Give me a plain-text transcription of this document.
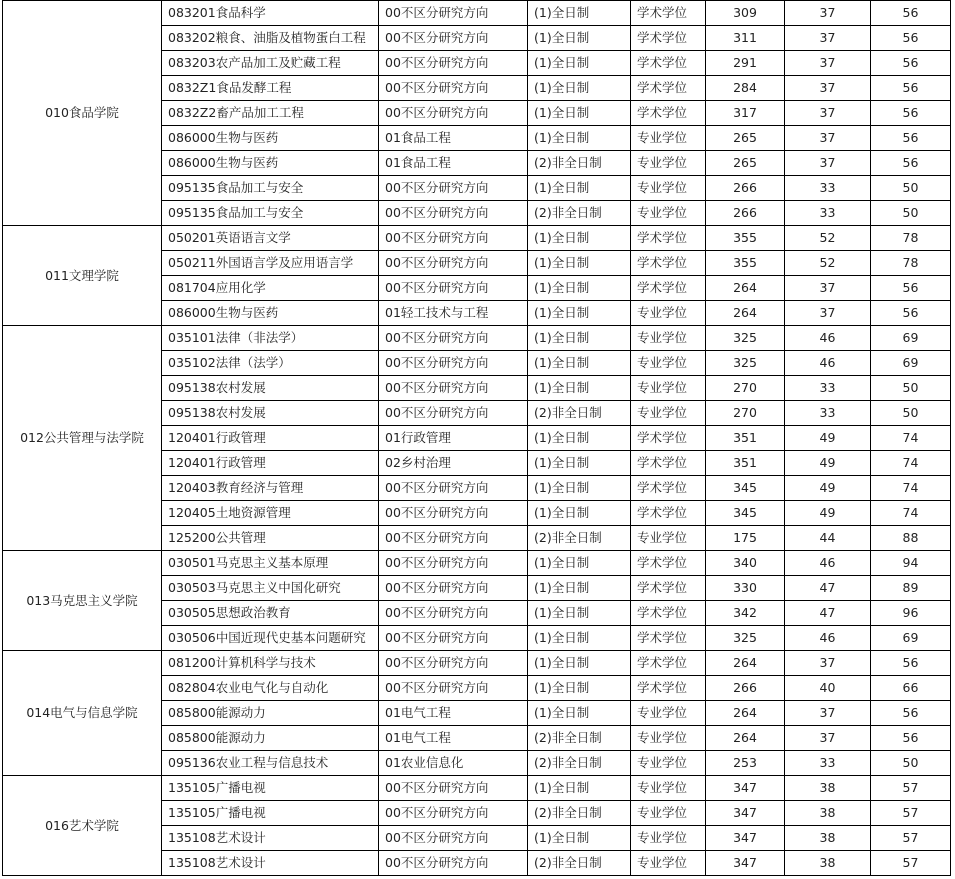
010食品学院	083201食品科学	00不区分研究方向	(1)全日制	学术学位	309	37	56
	083202粮食、油脂及植物蛋白工程	00不区分研究方向	(1)全日制	学术学位	311	37	56
	083203农产品加工及贮藏工程	00不区分研究方向	(1)全日制	学术学位	291	37	56
	0832Z1食品发酵工程	00不区分研究方向	(1)全日制	学术学位	284	37	56
	0832Z2畜产品加工工程	00不区分研究方向	(1)全日制	学术学位	317	37	56
	086000生物与医药	01食品工程	(1)全日制	专业学位	265	37	56
	086000生物与医药	01食品工程	(2)非全日制	专业学位	265	37	56
	095135食品加工与安全	00不区分研究方向	(1)全日制	专业学位	266	33	50
	095135食品加工与安全	00不区分研究方向	(2)非全日制	专业学位	266	33	50
011文理学院	050201英语语言文学	00不区分研究方向	(1)全日制	学术学位	355	52	78
	050211外国语言学及应用语言学	00不区分研究方向	(1)全日制	学术学位	355	52	78
	081704应用化学	00不区分研究方向	(1)全日制	学术学位	264	37	56
	086000生物与医药	01轻工技术与工程	(1)全日制	专业学位	264	37	56
012公共管理与法学院	035101法律（非法学）	00不区分研究方向	(1)全日制	专业学位	325	46	69
	035102法律（法学）	00不区分研究方向	(1)全日制	专业学位	325	46	69
	095138农村发展	00不区分研究方向	(1)全日制	专业学位	270	33	50
	095138农村发展	00不区分研究方向	(2)非全日制	专业学位	270	33	50
	120401行政管理	01行政管理	(1)全日制	学术学位	351	49	74
	120401行政管理	02乡村治理	(1)全日制	学术学位	351	49	74
	120403教育经济与管理	00不区分研究方向	(1)全日制	学术学位	345	49	74
	120405土地资源管理	00不区分研究方向	(1)全日制	学术学位	345	49	74
	125200公共管理	00不区分研究方向	(2)非全日制	专业学位	175	44	88
013马克思主义学院	030501马克思主义基本原理	00不区分研究方向	(1)全日制	学术学位	340	46	94
	030503马克思主义中国化研究	00不区分研究方向	(1)全日制	学术学位	330	47	89
	030505思想政治教育	00不区分研究方向	(1)全日制	学术学位	342	47	96
	030506中国近现代史基本问题研究	00不区分研究方向	(1)全日制	学术学位	325	46	69
014电气与信息学院	081200计算机科学与技术	00不区分研究方向	(1)全日制	学术学位	264	37	56
	082804农业电气化与自动化	00不区分研究方向	(1)全日制	学术学位	266	40	66
	085800能源动力	01电气工程	(1)全日制	专业学位	264	37	56
	085800能源动力	01电气工程	(2)非全日制	专业学位	264	37	56
	095136农业工程与信息技术	01农业信息化	(2)非全日制	专业学位	253	33	50
016艺术学院	135105广播电视	00不区分研究方向	(1)全日制	专业学位	347	38	57
	135105广播电视	00不区分研究方向	(2)非全日制	专业学位	347	38	57
	135108艺术设计	00不区分研究方向	(1)全日制	专业学位	347	38	57
	135108艺术设计	00不区分研究方向	(2)非全日制	专业学位	347	38	57
